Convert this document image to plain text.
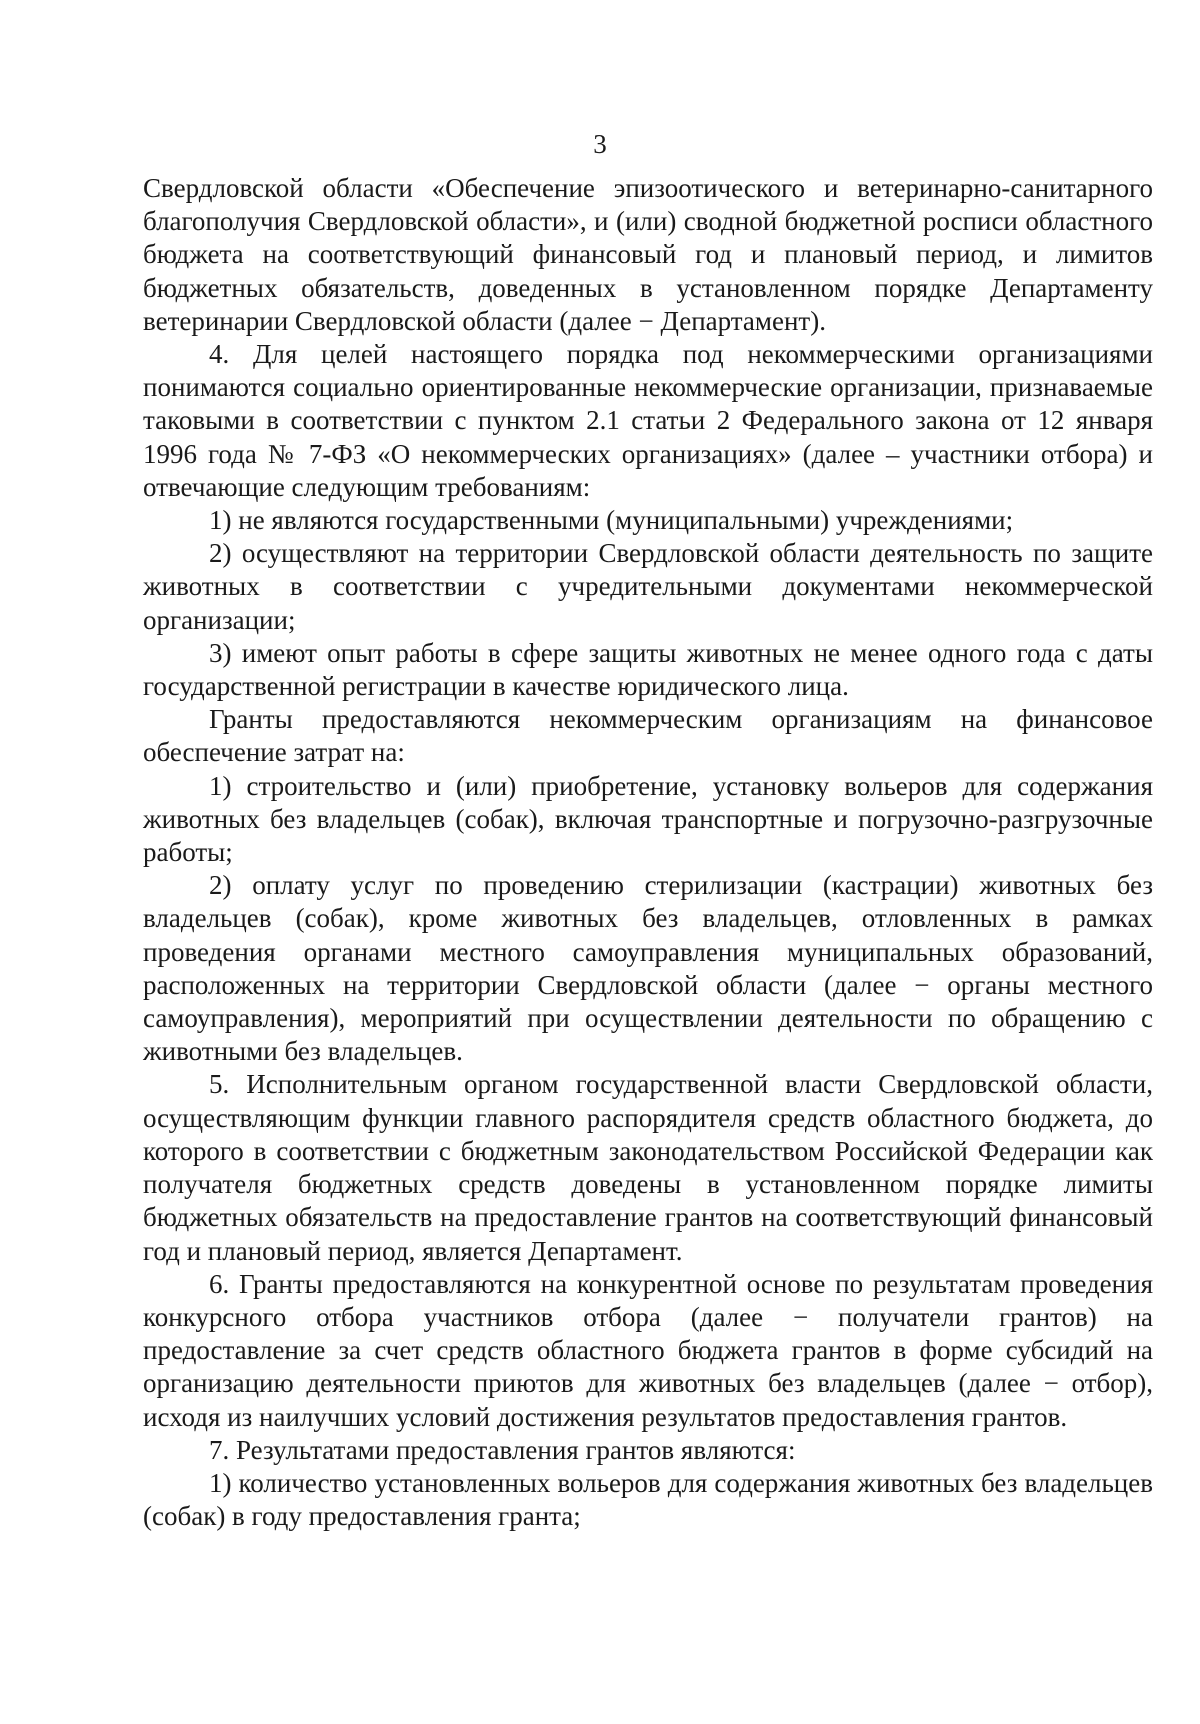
3

Свердловской области «Обеспечение эпизоотического и ветеринарно-санитарного благополучия Свердловской области», и (или) сводной бюджетной росписи областного бюджета на соответствующий финансовый год и плановый период, и лимитов бюджетных обязательств, доведенных в установленном порядке Департаменту ветеринарии Свердловской области (далее − Департамент).

4. Для целей настоящего порядка под некоммерческими организациями понимаются социально ориентированные некоммерческие организации, признаваемые таковыми в соответствии с пунктом 2.1 статьи 2 Федерального закона от 12 января 1996 года № 7-ФЗ «О некоммерческих организациях» (далее – участники отбора) и отвечающие следующим требованиям:

1) не являются государственными (муниципальными) учреждениями;

2) осуществляют на территории Свердловской области деятельность по защите животных в соответствии с учредительными документами некоммерческой организации;

3) имеют опыт работы в сфере защиты животных не менее одного года с даты государственной регистрации в качестве юридического лица.

Гранты предоставляются некоммерческим организациям на финансовое обеспечение затрат на:

1) строительство и (или) приобретение, установку вольеров для содержания животных без владельцев (собак), включая транспортные и погрузочно-разгрузочные работы;

2) оплату услуг по проведению стерилизации (кастрации) животных без владельцев (собак), кроме животных без владельцев, отловленных в рамках проведения органами местного самоуправления муниципальных образований, расположенных на территории Свердловской области (далее − органы местного самоуправления), мероприятий при осуществлении деятельности по обращению с животными без владельцев.

5. Исполнительным органом государственной власти Свердловской области, осуществляющим функции главного распорядителя средств областного бюджета, до которого в соответствии с бюджетным законодательством Российской Федерации как получателя бюджетных средств доведены в установленном порядке лимиты бюджетных обязательств на предоставление грантов на соответствующий финансовый год и плановый период, является Департамент.

6. Гранты предоставляются на конкурентной основе по результатам проведения конкурсного отбора участников отбора (далее − получатели грантов) на предоставление за счет средств областного бюджета грантов в форме субсидий на организацию деятельности приютов для животных без владельцев (далее − отбор), исходя из наилучших условий достижения результатов предоставления грантов.

7. Результатами предоставления грантов являются:

1) количество установленных вольеров для содержания животных без владельцев (собак) в году предоставления гранта;
